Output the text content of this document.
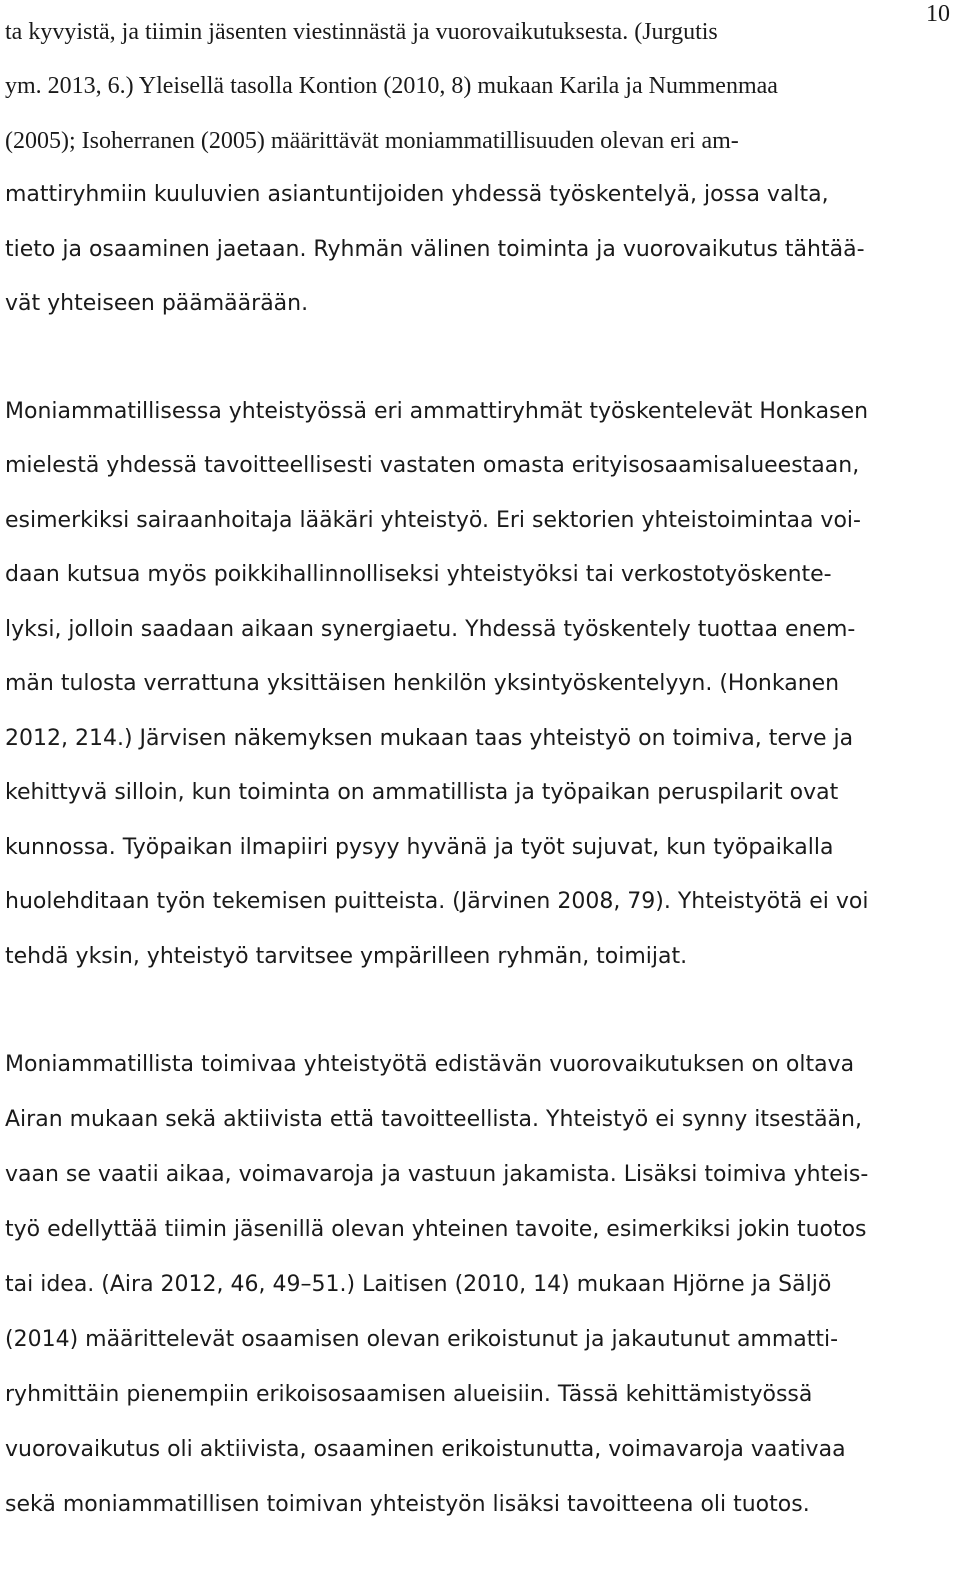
10
ta kyvyistä, ja tiimin jäsenten viestinnästä ja vuorovaikutuksesta. (Jurgutis
ym. 2013, 6.) Yleisellä tasolla Kontion (2010, 8) mukaan Karila ja Nummenmaa
(2005); Isoherranen (2005) määrittävät moniammatillisuuden olevan eri am-
mattiryhmiin kuuluvien asiantuntijoiden yhdessä työskentelyä, jossa valta,
tieto ja osaaminen jaetaan. Ryhmän välinen toiminta ja vuorovaikutus tähtää-
vät yhteiseen päämäärään.
Moniammatillisessa yhteistyössä eri ammattiryhmät työskentelevät Honkasen
mielestä yhdessä tavoitteellisesti vastaten omasta erityisosaamisalueestaan,
esimerkiksi sairaanhoitaja lääkäri yhteistyö. Eri sektorien yhteistoimintaa voi-
daan kutsua myös poikkihallinnolliseksi yhteistyöksi tai verkostotyöskente-
lyksi, jolloin saadaan aikaan synergiaetu. Yhdessä työskentely tuottaa enem-
män tulosta verrattuna yksittäisen henkilön yksintyöskentelyyn. (Honkanen
2012, 214.) Järvisen näkemyksen mukaan taas yhteistyö on toimiva, terve ja
kehittyvä silloin, kun toiminta on ammatillista ja työpaikan peruspilarit ovat
kunnossa. Työpaikan ilmapiiri pysyy hyvänä ja työt sujuvat, kun työpaikalla
huolehditaan työn tekemisen puitteista. (Järvinen 2008, 79). Yhteistyötä ei voi
tehdä yksin, yhteistyö tarvitsee ympärilleen ryhmän, toimijat.
Moniammatillista toimivaa yhteistyötä edistävän vuorovaikutuksen on oltava
Airan mukaan sekä aktiivista että tavoitteellista. Yhteistyö ei synny itsestään,
vaan se vaatii aikaa, voimavaroja ja vastuun jakamista. Lisäksi toimiva yhteis-
työ edellyttää tiimin jäsenillä olevan yhteinen tavoite, esimerkiksi jokin tuotos
tai idea. (Aira 2012, 46, 49–51.) Laitisen (2010, 14) mukaan Hjörne ja Säljö
(2014) määrittelevät osaamisen olevan erikoistunut ja jakautunut ammatti-
ryhmittäin pienempiin erikoisosaamisen alueisiin. Tässä kehittämistyössä
vuorovaikutus oli aktiivista, osaaminen erikoistunutta, voimavaroja vaativaa
sekä moniammatillisen toimivan yhteistyön lisäksi tavoitteena oli tuotos.
